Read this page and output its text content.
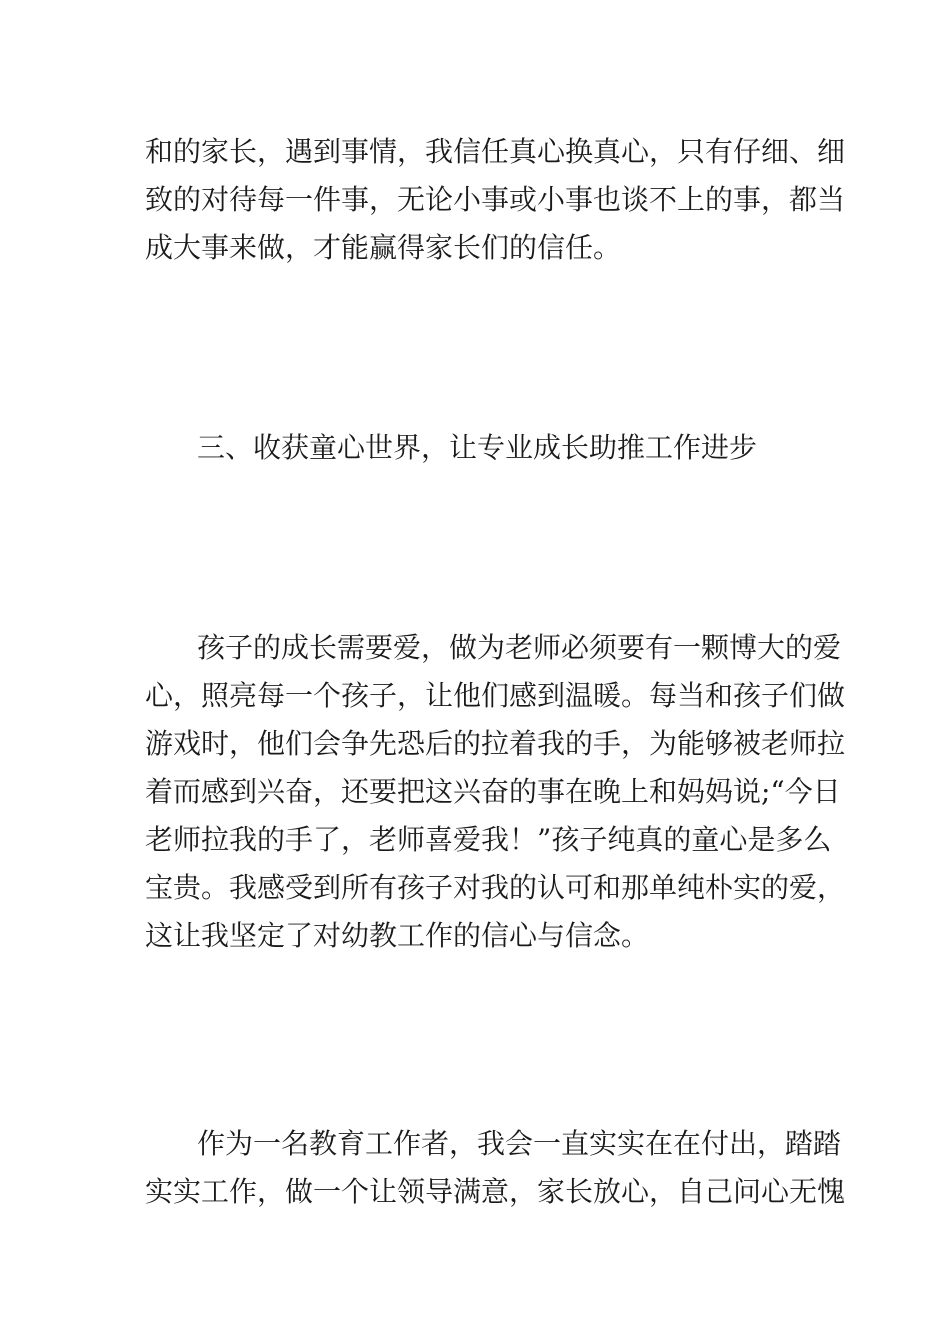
和的家长，遇到事情，我信任真心换真心，只有仔细、细
致的对待每一件事，无论小事或小事也谈不上的事，都当
成大事来做，才能赢得家长们的信任。
三、收获童心世界，让专业成长助推工作进步
孩子的成长需要爱，做为老师必须要有一颗博大的爱
心，照亮每一个孩子，让他们感到温暖。每当和孩子们做
游戏时，他们会争先恐后的拉着我的手，为能够被老师拉
着而感到兴奋，还要把这兴奋的事在晚上和妈妈说;“今日
老师拉我的手了，老师喜爱我！”孩子纯真的童心是多么
宝贵。我感受到所有孩子对我的认可和那单纯朴实的爱，
这让我坚定了对幼教工作的信心与信念。
作为一名教育工作者，我会一直实实在在付出，踏踏
实实工作，做一个让领导满意，家长放心，自己问心无愧
